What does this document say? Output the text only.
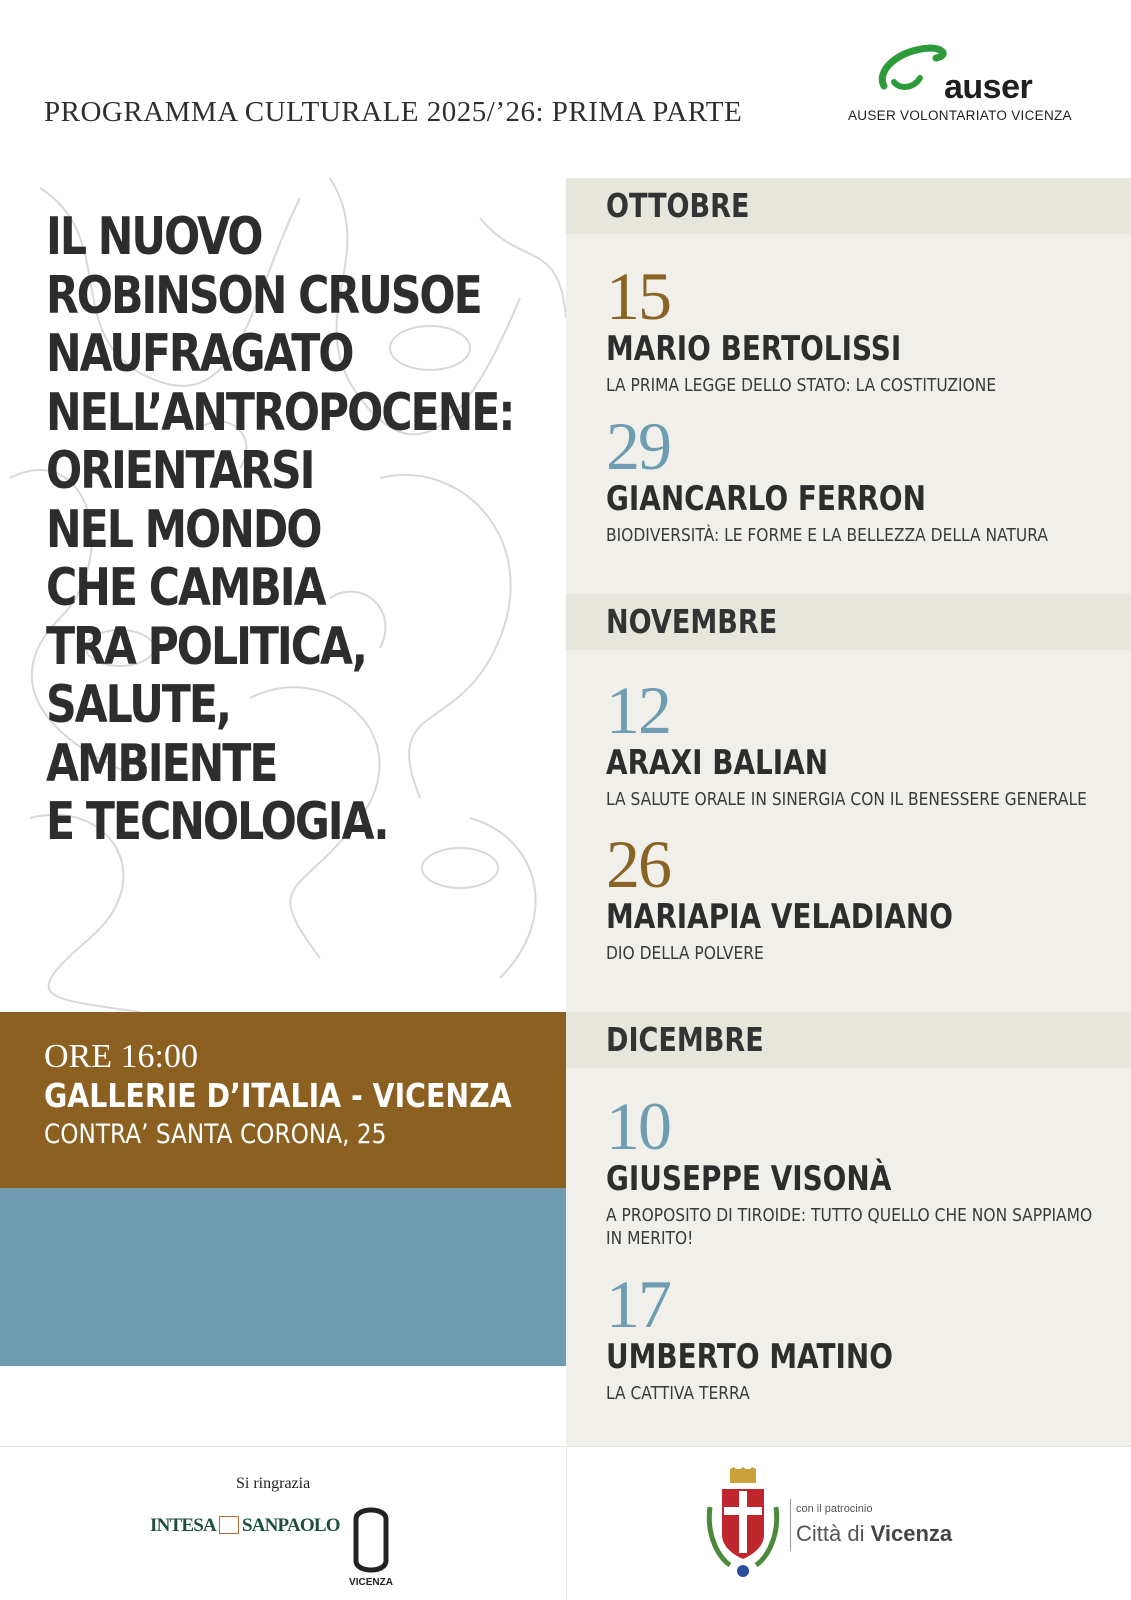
PROGRAMMA CULTURALE 2025/’26: PRIMA PARTE
auser
AUSER VOLONTARIATO VICENZA
IL NUOVO
ROBINSON CRUSOE
NAUFRAGATO
NELL’ANTROPOCENE:
ORIENTARSI
NEL MONDO
CHE CAMBIA
TRA POLITICA,
SALUTE,
AMBIENTE
E TECNOLOGIA.
ORE 16:00
GALLERIE D’ITALIA - VICENZA
CONTRA’ SANTA CORONA, 25
ORE 17:00
VILLA TACCHI
VIALE DELLA PACE, 89
OTTOBRE
15
MARIO BERTOLISSI
LA PRIMA LEGGE DELLO STATO: LA COSTITUZIONE
29
GIANCARLO FERRON
BIODIVERSITÀ: LE FORME E LA BELLEZZA DELLA NATURA
NOVEMBRE
12
ARAXI BALIAN
LA SALUTE ORALE IN SINERGIA CON IL BENESSERE GENERALE
26
MARIAPIA VELADIANO
DIO DELLA POLVERE
DICEMBRE
10
GIUSEPPE VISONÀ
A PROPOSITO DI TIROIDE: TUTTO QUELLO CHE NON SAPPIAMO IN MERITO!
17
UMBERTO MATINO
LA CATTIVA TERRA
Si ringrazia
INTESA SANPAOLO
VICENZA
con il patrocinio
Città di Vicenza
